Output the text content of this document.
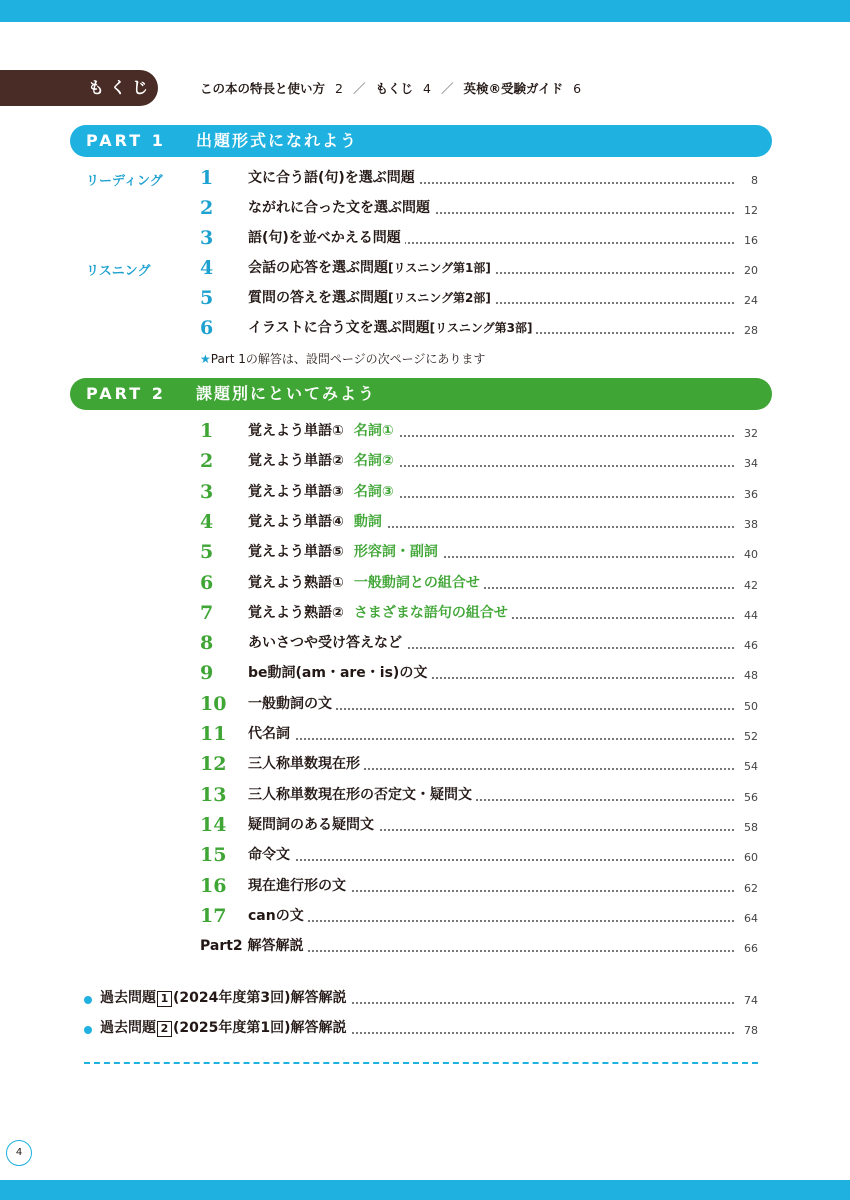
もくじ	この本の特長と使い方 2 ／ もくじ 4 ／ 英検®受験ガイド 6
PART 1 出題形式になれよう
リーディング
リスニング
1 文に合う語(句)を選ぶ問題	8
2 ながれに合った文を選ぶ問題	12
3 語(句)を並べかえる問題	16
4 会話の応答を選ぶ問題[リスニング第1部]	20
5 質問の答えを選ぶ問題[リスニング第2部]	24
6 イラストに合う文を選ぶ問題[リスニング第3部]	28
★Part 1の解答は、設問ページの次ページにあります
PART 2 課題別にといてみよう
1 覚えよう単語① 名詞①	32
2 覚えよう単語② 名詞②	34
3 覚えよう単語③ 名詞③	36
4 覚えよう単語④ 動詞	38
5 覚えよう単語⑤ 形容詞・副詞	40
6 覚えよう熟語① 一般動詞との組合せ	42
7 覚えよう熟語② さまざまな語句の組合せ	44
8 あいさつや受け答えなど	46
9 be動詞(am・are・is)の文	48
10 一般動詞の文	50
11 代名詞	52
12 三人称単数現在形	54
13 三人称単数現在形の否定文・疑問文	56
14 疑問詞のある疑問文	58
15 命令文	60
16 現在進行形の文	62
17 canの文	64
Part2 解答解説	66
過去問題 1 (2024年度第3回)解答解説	74
過去問題 2 (2025年度第1回)解答解説	78
4
